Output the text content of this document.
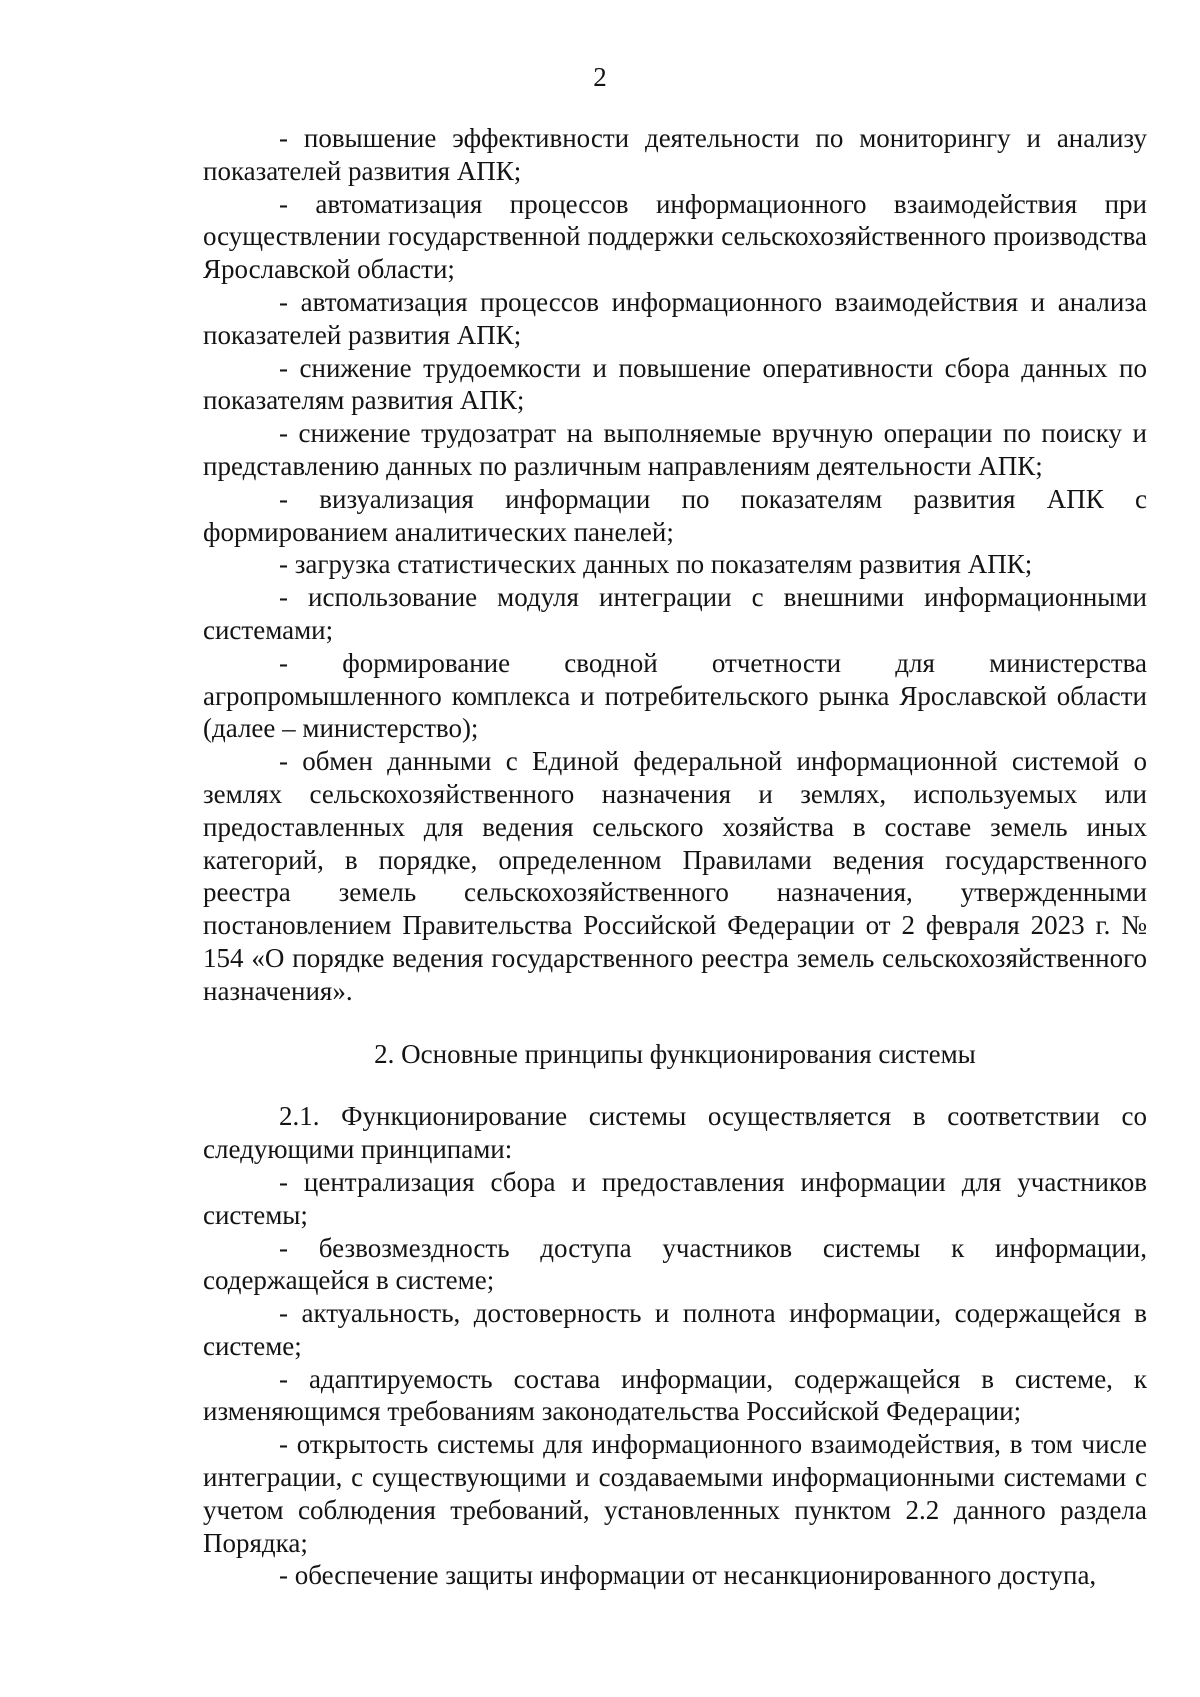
2

- повышение эффективности деятельности по мониторингу и анализу показателей развития АПК;

- автоматизация процессов информационного взаимодействия при осуществлении государственной поддержки сельскохозяйственного производства Ярославской области;

- автоматизация процессов информационного взаимодействия и анализа показателей развития АПК;

- снижение трудоемкости и повышение оперативности сбора данных по показателям развития АПК;

- снижение трудозатрат на выполняемые вручную операции по поиску и представлению данных по различным направлениям деятельности АПК;

- визуализация информации по показателям развития АПК с формированием аналитических панелей;

- загрузка статистических данных по показателям развития АПК;

- использование модуля интеграции с внешними информационными системами;

- формирование сводной отчетности для министерства агропромышленного комплекса и потребительского рынка Ярославской области (далее – министерство);

- обмен данными с Единой федеральной информационной системой о землях сельскохозяйственного назначения и землях, используемых или предоставленных для ведения сельского хозяйства в составе земель иных категорий, в порядке, определенном Правилами ведения государственного реестра земель сельскохозяйственного назначения, утвержденными постановлением Правительства Российской Федерации от 2 февраля 2023 г. № 154 «О порядке ведения государственного реестра земель сельскохозяйственного назначения».

2. Основные принципы функционирования системы

2.1. Функционирование системы осуществляется в соответствии со следующими принципами:

- централизация сбора и предоставления информации для участников системы;

- безвозмездность доступа участников системы к информации, содержащейся в системе;

- актуальность, достоверность и полнота информации, содержащейся в системе;

- адаптируемость состава информации, содержащейся в системе, к изменяющимся требованиям законодательства Российской Федерации;

- открытость системы для информационного взаимодействия, в том числе интеграции, с существующими и создаваемыми информационными системами с учетом соблюдения требований, установленных пунктом 2.2 данного раздела Порядка;

- обеспечение защиты информации от несанкционированного доступа,
